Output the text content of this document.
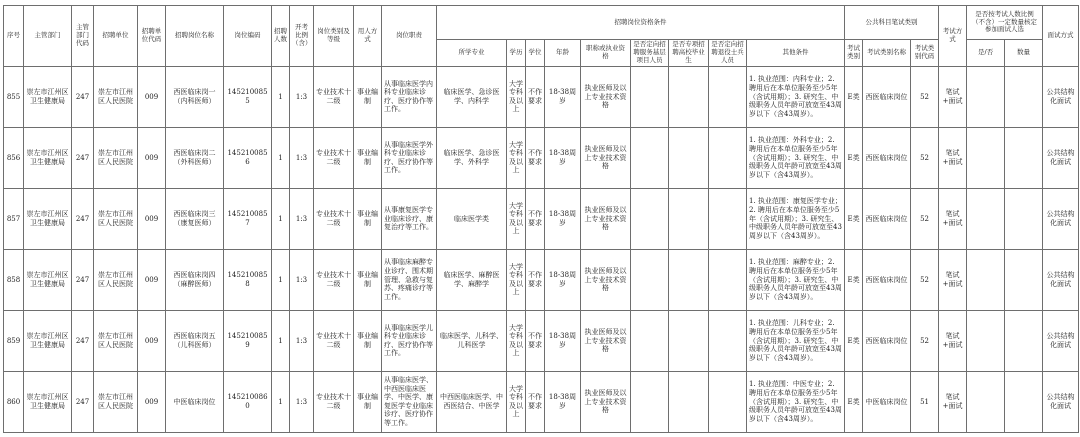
序号	主管部门	主管部门代码	招聘单位	招聘单位代码	招聘岗位名称	岗位编码	招聘人数	开考比例（含）	岗位类别及等级	用人方式	岗位职责	招聘岗位资格条件									公共科目笔试类别			考试方式	是否按考试人数比例（不含）一定数量核定参加面试人选		面试方式
												所学专业	学历	学位	年龄	职称或执业资格	是否定向招聘服务基层项目人员	是否专项招聘高校毕业生	是否定向招聘退役士兵人员	其他条件	考试类别	考试类别名称	考试类别代码		是/否	数量	
855	崇左市江州区卫生健康局	247	崇左市江州区人民医院	009	西医临床岗一（内科医师）	1452100855	1	1:3	专业技术十二级	事业编制	从事临床医学内科专业临床诊疗、医疗协作等工作。	临床医学、急诊医学、内科学	大学专科及以上	不作要求	18-38周岁	执业医师及以上专业技术资格				1. 执业范围：内科专业；2. 聘用后在本单位服务至少5年（含试用期）；3. 研究生、中级职务人员年龄可放宽至43周岁以下（含43周岁）。	E类	西医临床岗位	52	笔试+面试			公共结构化面试
856	崇左市江州区卫生健康局	247	崇左市江州区人民医院	009	西医临床岗二（外科医师）	1452100856	1	1:3	专业技术十二级	事业编制	从事临床医学外科专业临床诊疗、医疗协作等工作。	临床医学、急诊医学、外科学	大学专科及以上	不作要求	18-38周岁	执业医师及以上专业技术资格				1. 执业范围：外科专业；2. 聘用后在本单位服务至少5年（含试用期）；3. 研究生、中级职务人员年龄可放宽至43周岁以下（含43周岁）。	E类	西医临床岗位	52	笔试+面试			公共结构化面试
857	崇左市江州区卫生健康局	247	崇左市江州区人民医院	009	西医临床岗三（康复医师）	1452100857	1	1:3	专业技术十二级	事业编制	从事康复医学专业临床诊疗、康复治疗等工作。	临床医学类	大学专科及以上	不作要求	18-38周岁	执业医师及以上专业技术资格				1. 执业范围：康复医学专业；2. 聘用后在本单位服务至少5年（含试用期）；3. 研究生、中级职务人员年龄可放宽至43周岁以下（含43周岁）。	E类	西医临床岗位	52	笔试+面试			公共结构化面试
858	崇左市江州区卫生健康局	247	崇左市江州区人民医院	009	西医临床岗四（麻醉医师）	1452100858	1	1:3	专业技术十二级	事业编制	从事临床麻醉专业诊疗、围术期管理、急救与复苏、疼痛诊疗等工作。	临床医学、麻醉医学、麻醉学	大学专科及以上	不作要求	18-38周岁	执业医师及以上专业技术资格				1. 执业范围：麻醉专业；2. 聘用后在本单位服务至少5年（含试用期）；3. 研究生、中级职务人员年龄可放宽至43周岁以下（含43周岁）。	E类	西医临床岗位	52	笔试+面试			公共结构化面试
859	崇左市江州区卫生健康局	247	崇左市江州区人民医院	009	西医临床岗五（儿科医师）	1452100859	1	1:3	专业技术十二级	事业编制	从事临床医学儿科专业临床诊疗、医疗协作等工作。	临床医学、儿科学、儿科医学	大学专科及以上	不作要求	18-38周岁	执业医师及以上专业技术资格				1. 执业范围：儿科专业；2. 聘用后在本单位服务至少5年（含试用期）；3. 研究生、中级职务人员年龄可放宽至43周岁以下（含43周岁）。	E类	西医临床岗位	52	笔试+面试			公共结构化面试
860	崇左市江州区卫生健康局	247	崇左市江州区人民医院	009	中医临床岗位	1452100860	1	1:3	专业技术十二级	事业编制	从事临床医学、中西医临床医学、中医学、康复医学专业临床诊疗、医疗协作等工作。	中西医临床医学、中西医结合、中医学	大学专科及以上	不作要求	18-38周岁	执业医师及以上专业技术资格				1. 执业范围：中医专业；2. 聘用后在本单位服务至少5年（含试用期）；3. 研究生、中级职务人员年龄可放宽至43周岁以下（含43周岁）。	E类	中医临床岗位	51	笔试+面试			公共结构化面试
